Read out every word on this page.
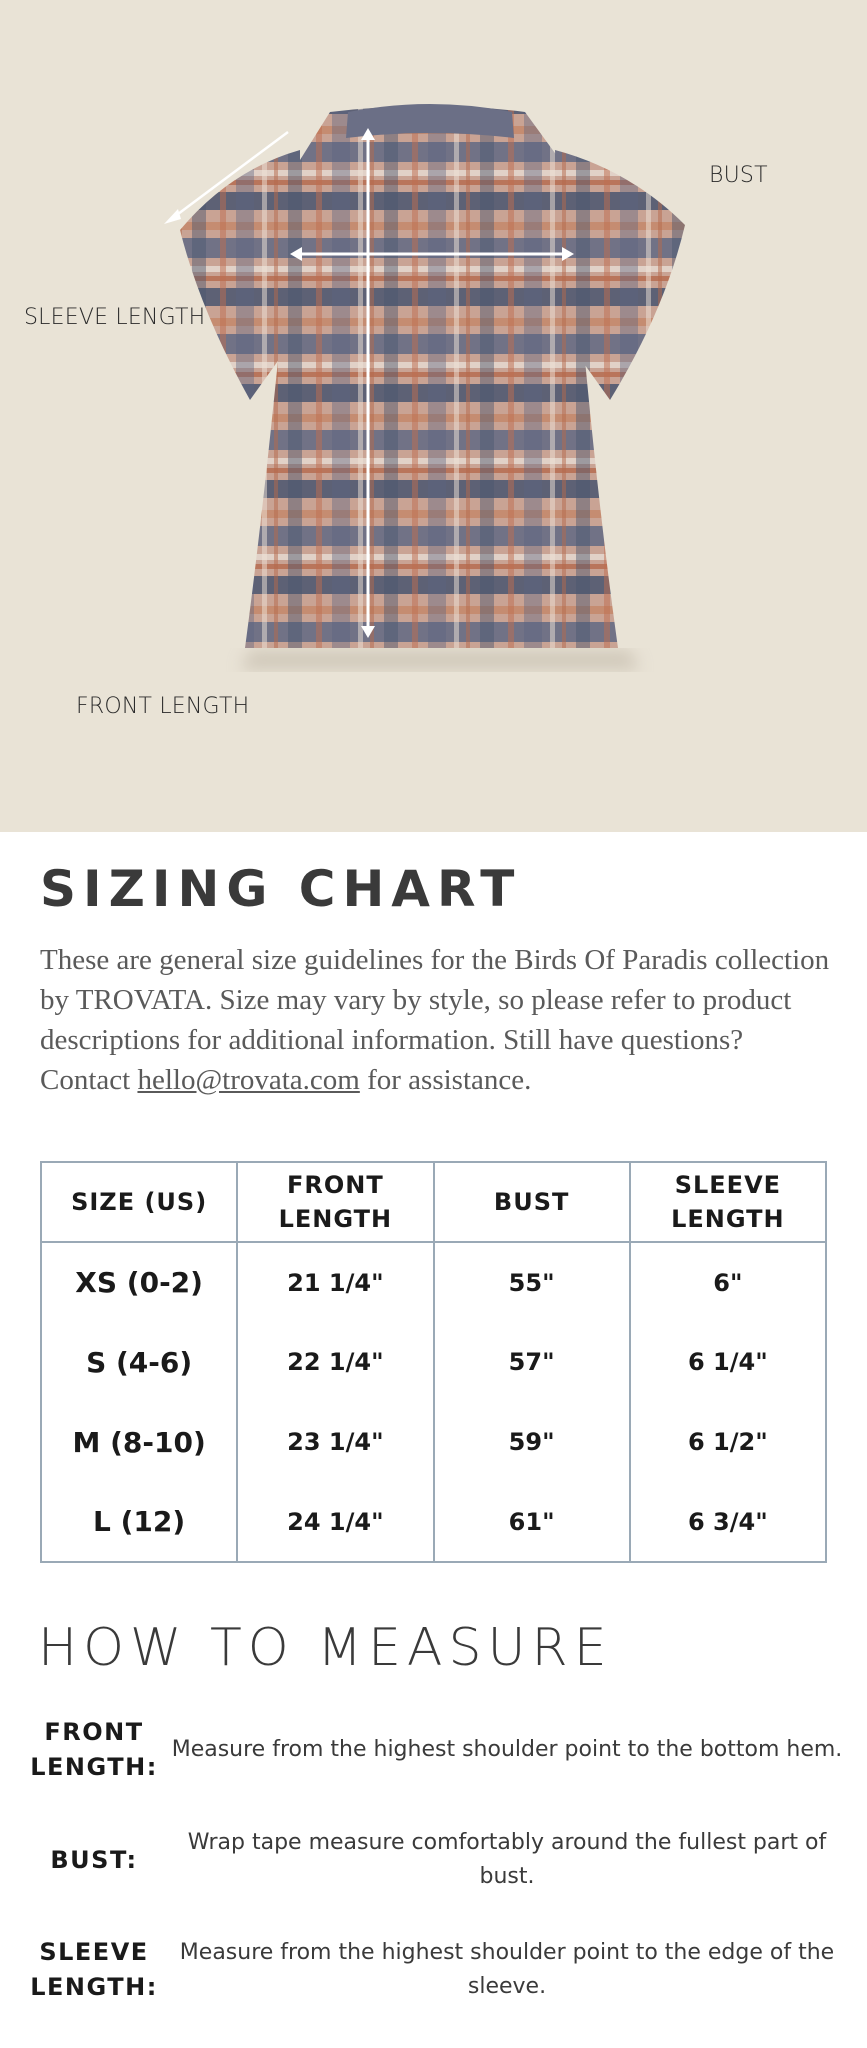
BUST
SLEEVE LENGTH
FRONT LENGTH
SIZING CHART

These are general size guidelines for the Birds Of Paradis collection by TROVATA. Size may vary by style, so please refer to product descriptions for additional information. Still have questions? Contact hello@trovata.com for assistance.

SIZE (US)	FRONT LENGTH	BUST	SLEEVE LENGTH
XS (0-2)	21 1/4"	55"	6"
S (4-6)	22 1/4"	57"	6 1/4"
M (8-10)	23 1/4"	59"	6 1/2"
L (12)	24 1/4"	61"	6 3/4"
HOW TO MEASURE
FRONT LENGTH:
Measure from the highest shoulder point to the bottom hem.
BUST:
Wrap tape measure comfortably around the fullest part of bust.
SLEEVE LENGTH:
Measure from the highest shoulder point to the edge of the sleeve.
